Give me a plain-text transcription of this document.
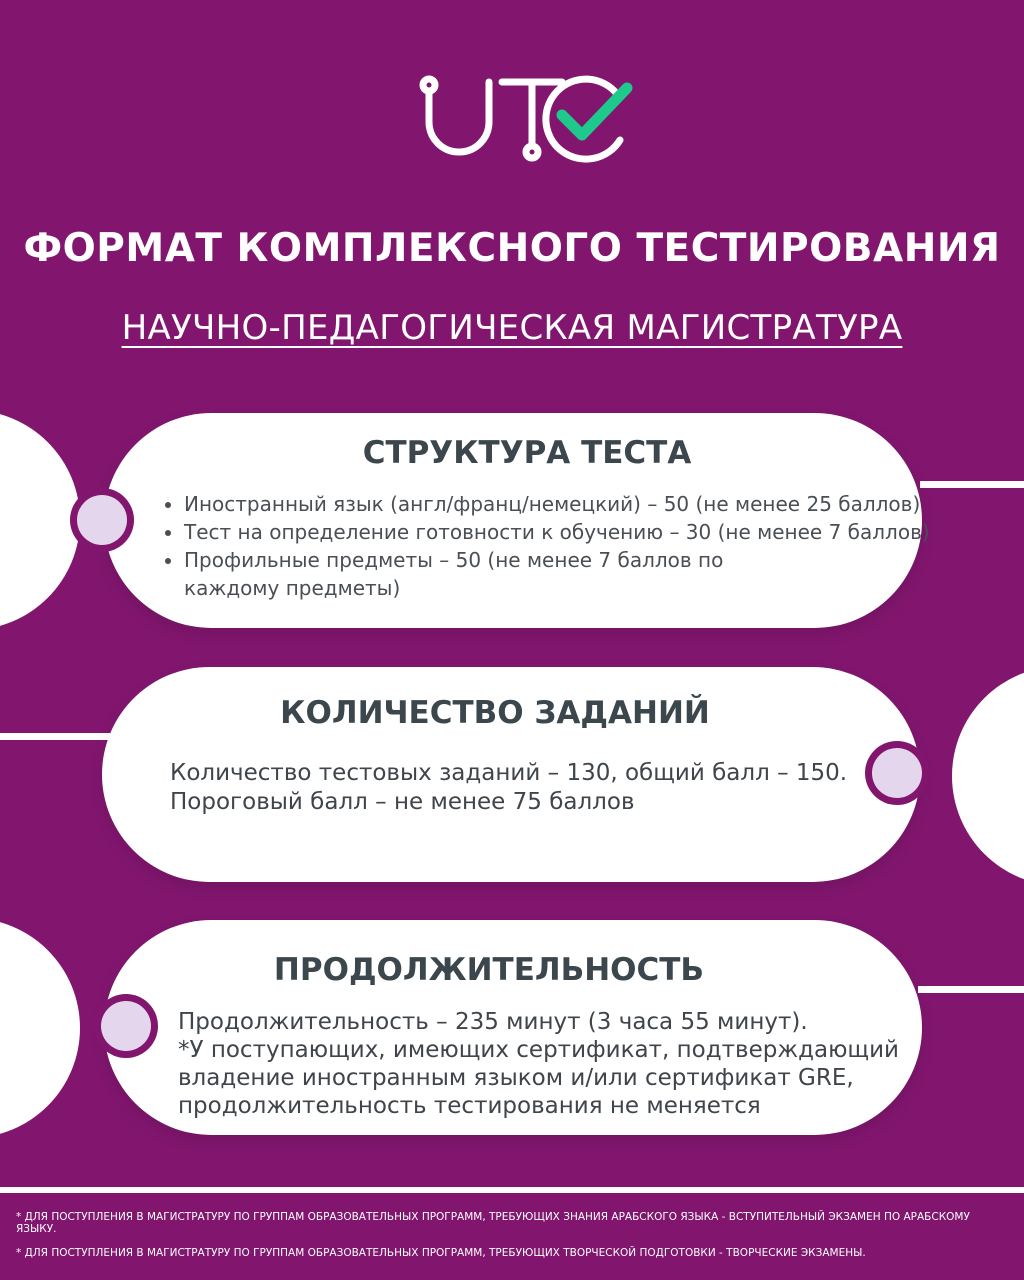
ФОРМАТ КОМПЛЕКСНОГО ТЕСТИРОВАНИЯ
НАУЧНО-ПЕДАГОГИЧЕСКАЯ МАГИСТРАТУРА
СТРУКТУРА ТЕСТА
• Иностранный язык (англ/франц/немецкий) – 50 (не менее 25 баллов)
• Тест на определение готовности к обучению – 30 (не менее 7 баллов)
• Профильные предметы – 50 (не менее 7 баллов по каждому предметы)
КОЛИЧЕСТВО ЗАДАНИЙ
Количество тестовых заданий – 130, общий балл – 150.
Пороговый балл – не менее 75 баллов
ПРОДОЛЖИТЕЛЬНОСТЬ
Продолжительность – 235 минут (3 часа 55 минут).
*У поступающих, имеющих сертификат, подтверждающий
владение иностранным языком и/или сертификат GRE,
продолжительность тестирования не меняется
* ДЛЯ ПОСТУПЛЕНИЯ В МАГИСТРАТУРУ ПО ГРУППАМ ОБРАЗОВАТЕЛЬНЫХ ПРОГРАММ, ТРЕБУЮЩИХ ЗНАНИЯ АРАБСКОГО ЯЗЫКА - ВСТУПИТЕЛЬНЫЙ ЭКЗАМЕН ПО АРАБСКОМУ ЯЗЫКУ.
* ДЛЯ ПОСТУПЛЕНИЯ В МАГИСТРАТУРУ ПО ГРУППАМ ОБРАЗОВАТЕЛЬНЫХ ПРОГРАММ, ТРЕБУЮЩИХ ТВОРЧЕСКОЙ ПОДГОТОВКИ - ТВОРЧЕСКИЕ ЭКЗАМЕНЫ.
